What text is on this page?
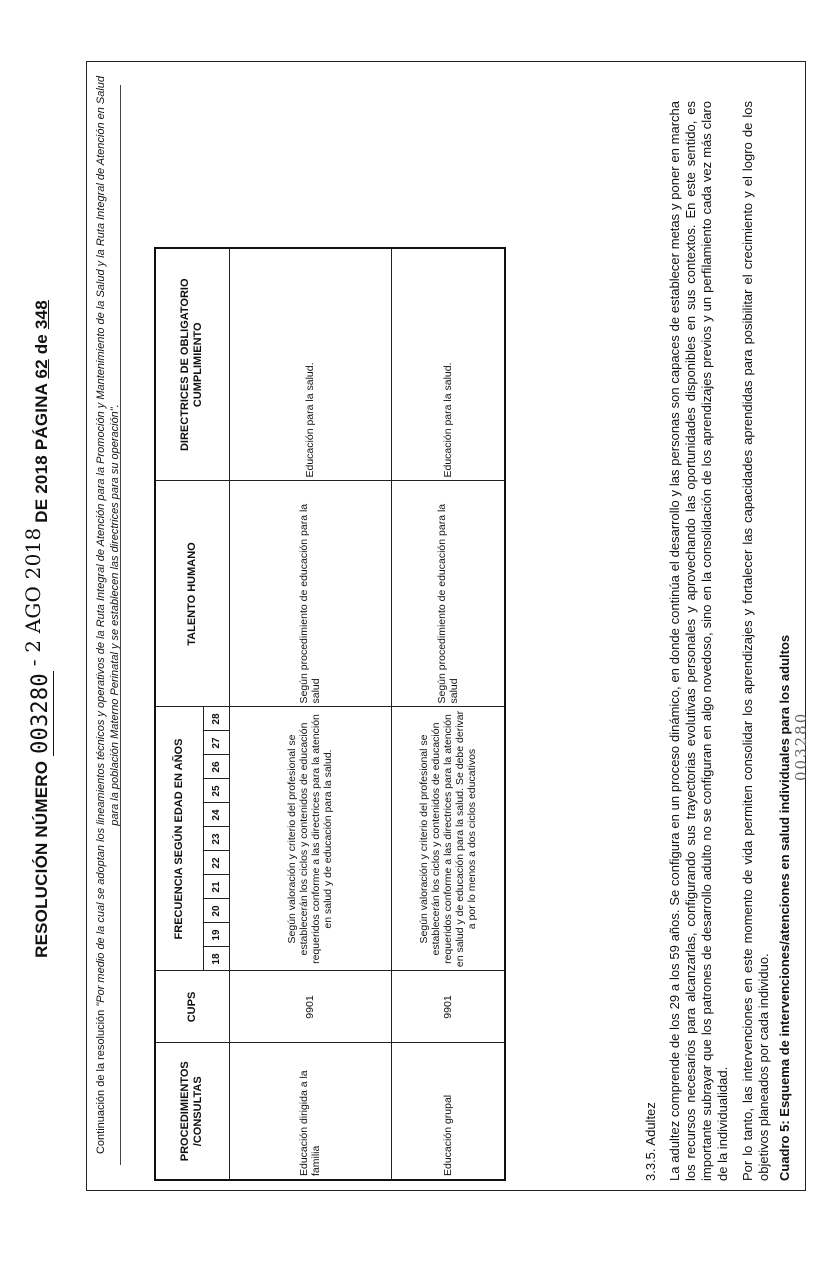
RESOLUCIÓN NÚMERO 003280 - 2 AGO 2018 DE 2018 PÁGINA 62 de 348
Continuación de la resolución "Por medio de la cual se adoptan los lineamientos técnicos y operativos de la Ruta Integral de Atención para la Promoción y Mantenimiento de la Salud y la Ruta Integral de Atención en Salud para la población Materno Perinatal y se establecen las directrices para su operación".
PROCEDIMIENTOS /CONSULTAS	CUPS	FRECUENCIA SEGÚN EDAD EN AÑOS											TALENTO HUMANO	DIRECTRICES DE OBLIGATORIO CUMPLIMIENTO
		18	19	20	21	22	23	24	25	26	27	28		
Educación dirigida a la familia	9901	Según valoración y criterio del profesional se establecerán los ciclos y contenidos de educación requeridos conforme a las directrices para la atención en salud y de educación para la salud.											Según procedimiento de educación para la salud	Educación para la salud.
Educación grupal	9901	Según valoración y criterio del profesional se establecerán los ciclos y contenidos de educación requeridos conforme a las directrices para la atención en salud y de educación para la salud. Se debe derivar a por lo menos a dos ciclos educativos											Según procedimiento de educación para la salud	Educación para la salud.
3.3.5. Adultez La adultez comprende de los 29 a los 59 años. Se configura en un proceso dinámico, en donde continúa el desarrollo y las personas son capaces de establecer metas y poner en marcha los recursos necesarios para alcanzarlas, configurando sus trayectorias evolutivas personales y aprovechando las oportunidades disponibles en sus contextos. En este sentido, es importante subrayar que los patrones de desarrollo adulto no se configuran en algo novedoso, sino en la consolidación de los aprendizajes previos y un perfilamiento cada vez más claro de la individualidad. Por lo tanto, las intervenciones en este momento de vida permiten consolidar los aprendizajes y fortalecer las capacidades aprendidas para posibilitar el crecimiento y el logro de los objetivos planeados por cada individuo. Cuadro 5: Esquema de intervenciones/atenciones en salud individuales para los adultos 003280
